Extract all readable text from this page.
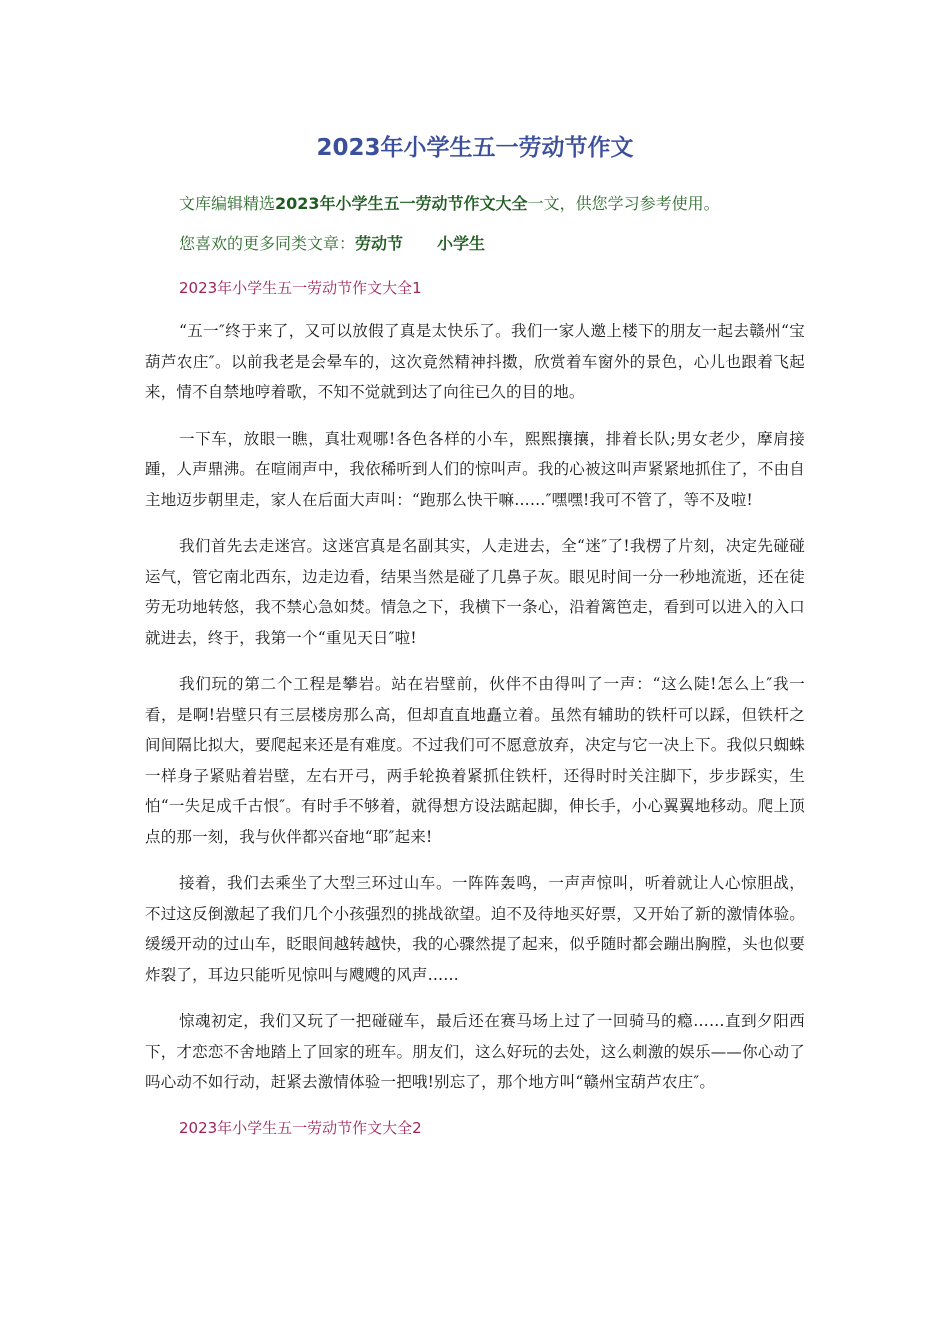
2023年小学生五一劳动节作文

文库编辑精选2023年小学生五一劳动节作文大全一文，供您学习参考使用。

您喜欢的更多同类文章：劳动节 小学生

2023年小学生五一劳动节作文大全1

“五一″终于来了，又可以放假了真是太快乐了。我们一家人邀上楼下的朋友一起去赣州“宝葫芦农庄″。以前我老是会晕车的，这次竟然精神抖擞，欣赏着车窗外的景色，心儿也跟着飞起来，情不自禁地哼着歌，不知不觉就到达了向往已久的目的地。

一下车，放眼一瞧，真壮观哪!各色各样的小车，熙熙攘攘，排着长队;男女老少，摩肩接踵，人声鼎沸。在喧闹声中，我依稀听到人们的惊叫声。我的心被这叫声紧紧地抓住了，不由自主地迈步朝里走，家人在后面大声叫：“跑那么快干嘛……″嘿嘿!我可不管了，等不及啦!

我们首先去走迷宫。这迷宫真是名副其实，人走进去，全“迷″了!我楞了片刻，决定先碰碰运气，管它南北西东，边走边看，结果当然是碰了几鼻子灰。眼见时间一分一秒地流逝，还在徒劳无功地转悠，我不禁心急如焚。情急之下，我横下一条心，沿着篱笆走，看到可以进入的入口就进去，终于，我第一个“重见天日″啦!

我们玩的第二个工程是攀岩。站在岩壁前，伙伴不由得叫了一声：“这么陡!怎么上″我一看，是啊!岩壁只有三层楼房那么高，但却直直地矗立着。虽然有辅助的铁杆可以踩，但铁杆之间间隔比拟大，要爬起来还是有难度。不过我们可不愿意放弃，决定与它一决上下。我似只蜘蛛一样身子紧贴着岩壁，左右开弓，两手轮换着紧抓住铁杆，还得时时关注脚下，步步踩实，生怕“一失足成千古恨″。有时手不够着，就得想方设法踮起脚，伸长手，小心翼翼地移动。爬上顶点的那一刻，我与伙伴都兴奋地“耶″起来!

接着，我们去乘坐了大型三环过山车。一阵阵轰鸣，一声声惊叫，听着就让人心惊胆战，不过这反倒激起了我们几个小孩强烈的挑战欲望。迫不及待地买好票，又开始了新的激情体验。缓缓开动的过山车，眨眼间越转越快，我的心骤然提了起来，似乎随时都会蹦出胸膛，头也似要炸裂了，耳边只能听见惊叫与飕飕的风声……

惊魂初定，我们又玩了一把碰碰车，最后还在赛马场上过了一回骑马的瘾……直到夕阳西下，才恋恋不舍地踏上了回家的班车。朋友们，这么好玩的去处，这么刺激的娱乐——你心动了吗心动不如行动，赶紧去激情体验一把哦!别忘了，那个地方叫“赣州宝葫芦农庄″。

2023年小学生五一劳动节作文大全2
